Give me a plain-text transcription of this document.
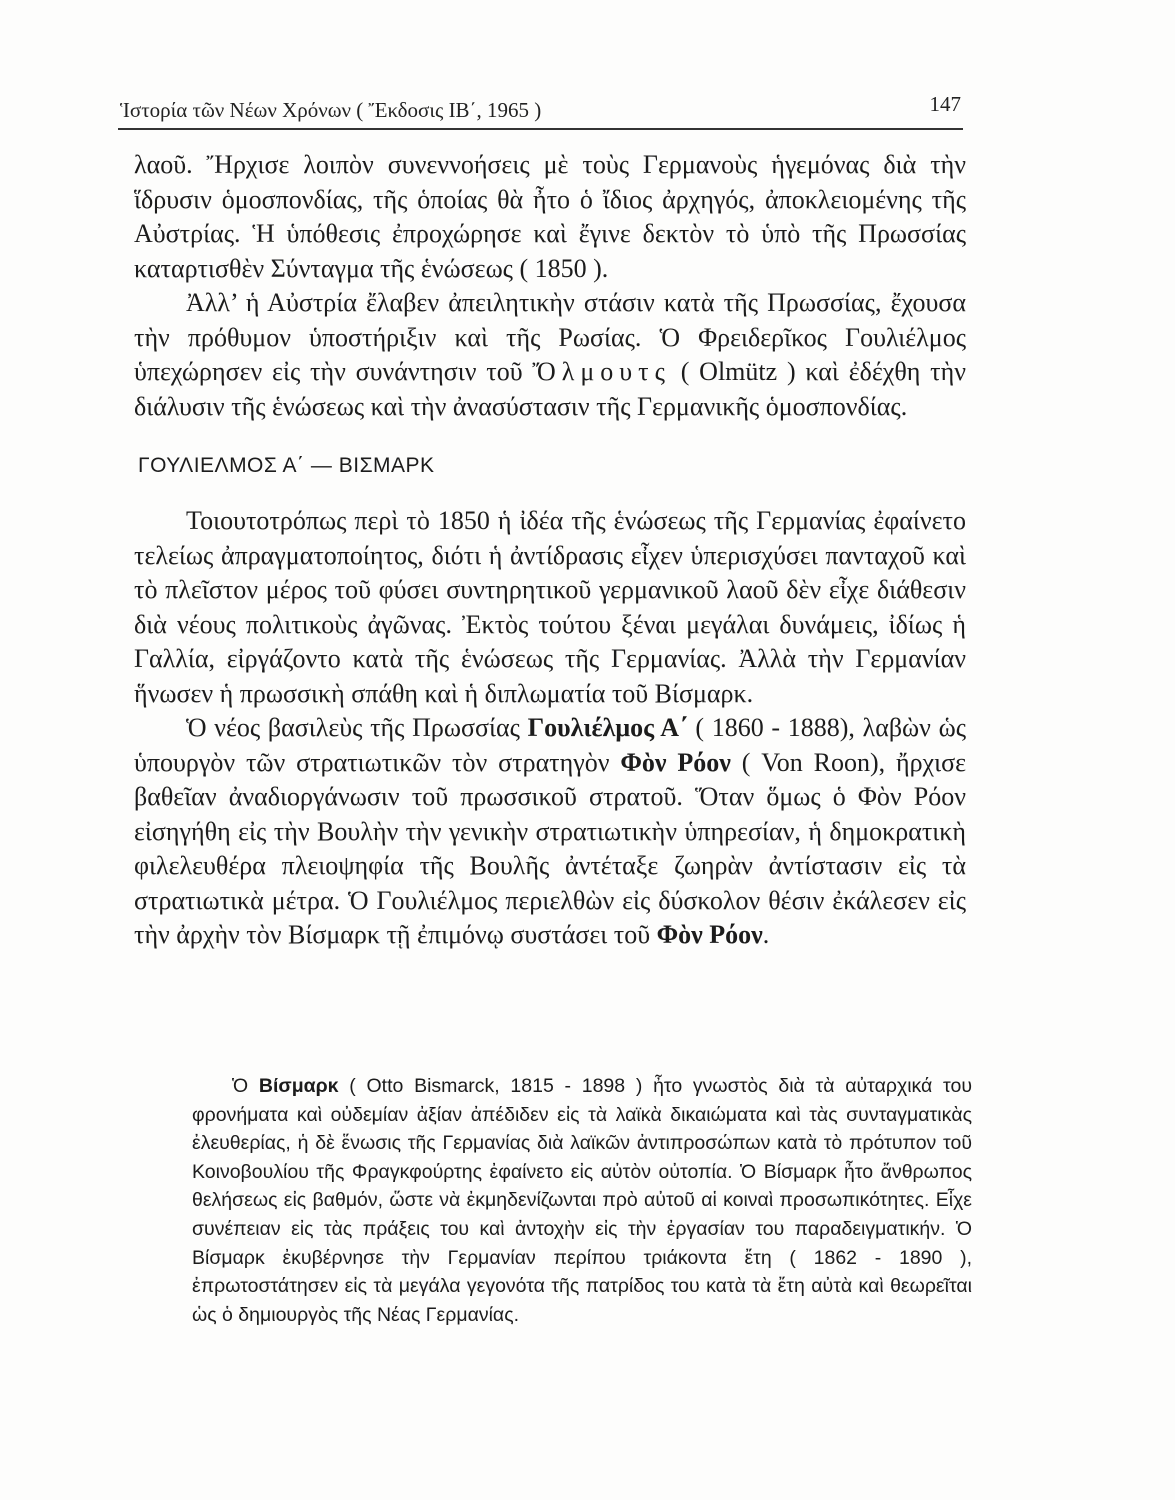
Ἱστορία τῶν Νέων Χρόνων ( Ἔκδοσις ΙΒ΄, 1965 )	147

λαοῦ. Ἤρχισε λοιπὸν συνεννοήσεις μὲ τοὺς Γερμανοὺς ἡγεμόνας διὰ τὴν ἵδρυσιν ὁμοσπονδίας, τῆς ὁποίας θὰ ἦτο ὁ ἴδιος ἀρχηγός, ἀποκλειομένης τῆς Αὐστρίας. Ἡ ὑπόθεσις ἐπροχώρησε καὶ ἔγινε δεκτὸν τὸ ὑπὸ τῆς Πρωσσίας καταρτισθὲν Σύνταγμα τῆς ἑνώσεως ( 1850 ).

Ἀλλ’ ἡ Αὐστρία ἔλαβεν ἀπειλητικὴν στάσιν κατὰ τῆς Πρωσσίας, ἔχουσα τὴν πρόθυμον ὑποστήριξιν καὶ τῆς Ρωσίας. Ὁ Φρειδερῖκος Γουλιέλμος ὑπεχώρησεν εἰς τὴν συνάντησιν τοῦ Ὄλμουτς ( Olmütz ) καὶ ἐδέχθη τὴν διάλυσιν τῆς ἑνώσεως καὶ τὴν ἀνασύστασιν τῆς Γερμανικῆς ὁμοσπονδίας.

ΓΟΥΛΙΕΛΜΟΣ Α΄ — ΒΙΣΜΑΡΚ

Τοιουτοτρόπως περὶ τὸ 1850 ἡ ἰδέα τῆς ἑνώσεως τῆς Γερμανίας ἐφαίνετο τελείως ἀπραγματοποίητος, διότι ἡ ἀντίδρασις εἶχεν ὑπερισχύσει πανταχοῦ καὶ τὸ πλεῖστον μέρος τοῦ φύσει συντηρητικοῦ γερμανικοῦ λαοῦ δὲν εἶχε διάθεσιν διὰ νέους πολιτικοὺς ἀγῶνας. Ἐκτὸς τούτου ξέναι μεγάλαι δυνάμεις, ἰδίως ἡ Γαλλία, εἰργάζοντο κατὰ τῆς ἑνώσεως τῆς Γερμανίας. Ἀλλὰ τὴν Γερμανίαν ἥνωσεν ἡ πρωσσικὴ σπάθη καὶ ἡ διπλωματία τοῦ Βίσμαρκ.

Ὁ νέος βασιλεὺς τῆς Πρωσσίας Γουλιέλμος Α΄ ( 1860 - 1888), λαβὼν ὡς ὑπουργὸν τῶν στρατιωτικῶν τὸν στρατηγὸν Φὸν Ρόον ( Von Roon), ἤρχισε βαθεῖαν ἀναδιοργάνωσιν τοῦ πρωσσικοῦ στρατοῦ. Ὅταν ὅμως ὁ Φὸν Ρόον εἰσηγήθη εἰς τὴν Βουλὴν τὴν γενικὴν στρατιωτικὴν ὑπηρεσίαν, ἡ δημοκρατικὴ φιλελευθέρα πλειοψηφία τῆς Βουλῆς ἀντέταξε ζωηρὰν ἀντίστασιν εἰς τὰ στρατιωτικὰ μέτρα. Ὁ Γουλιέλμος περιελθὼν εἰς δύσκολον θέσιν ἐκάλεσεν εἰς τὴν ἀρχὴν τὸν Βίσμαρκ τῇ ἐπιμόνῳ συστάσει τοῦ Φὸν Ρόον.

Ὁ Βίσμαρκ ( Otto Bismarck, 1815 - 1898 ) ἦτο γνωστὸς διὰ τὰ αὐταρχικά του φρονήματα καὶ οὐδεμίαν ἀξίαν ἀπέδιδεν εἰς τὰ λαϊκὰ δικαιώματα καὶ τὰς συνταγματικὰς ἐλευθερίας, ἡ δὲ ἕνωσις τῆς Γερμανίας διὰ λαϊκῶν ἀντιπροσώπων κατὰ τὸ πρότυπον τοῦ Κοινοβουλίου τῆς Φραγκφούρτης ἐφαίνετο εἰς αὐτὸν οὐτοπία. Ὁ Βίσμαρκ ἦτο ἄνθρωπος θελήσεως εἰς βαθμόν, ὥστε νὰ ἐκμηδενίζωνται πρὸ αὐτοῦ αἱ κοιναὶ προσωπικότητες. Εἶχε συνέπειαν εἰς τὰς πράξεις του καὶ ἀντοχὴν εἰς τὴν ἐργασίαν του παραδειγματικήν. Ὁ Βίσμαρκ ἐκυβέρνησε τὴν Γερμανίαν περίπου τριάκοντα ἔτη ( 1862 - 1890 ), ἐπρωτοστάτησεν εἰς τὰ μεγάλα γεγονότα τῆς πατρίδος του κατὰ τὰ ἔτη αὐτὰ καὶ θεωρεῖται ὡς ὁ δημιουργὸς τῆς Νέας Γερμανίας.
